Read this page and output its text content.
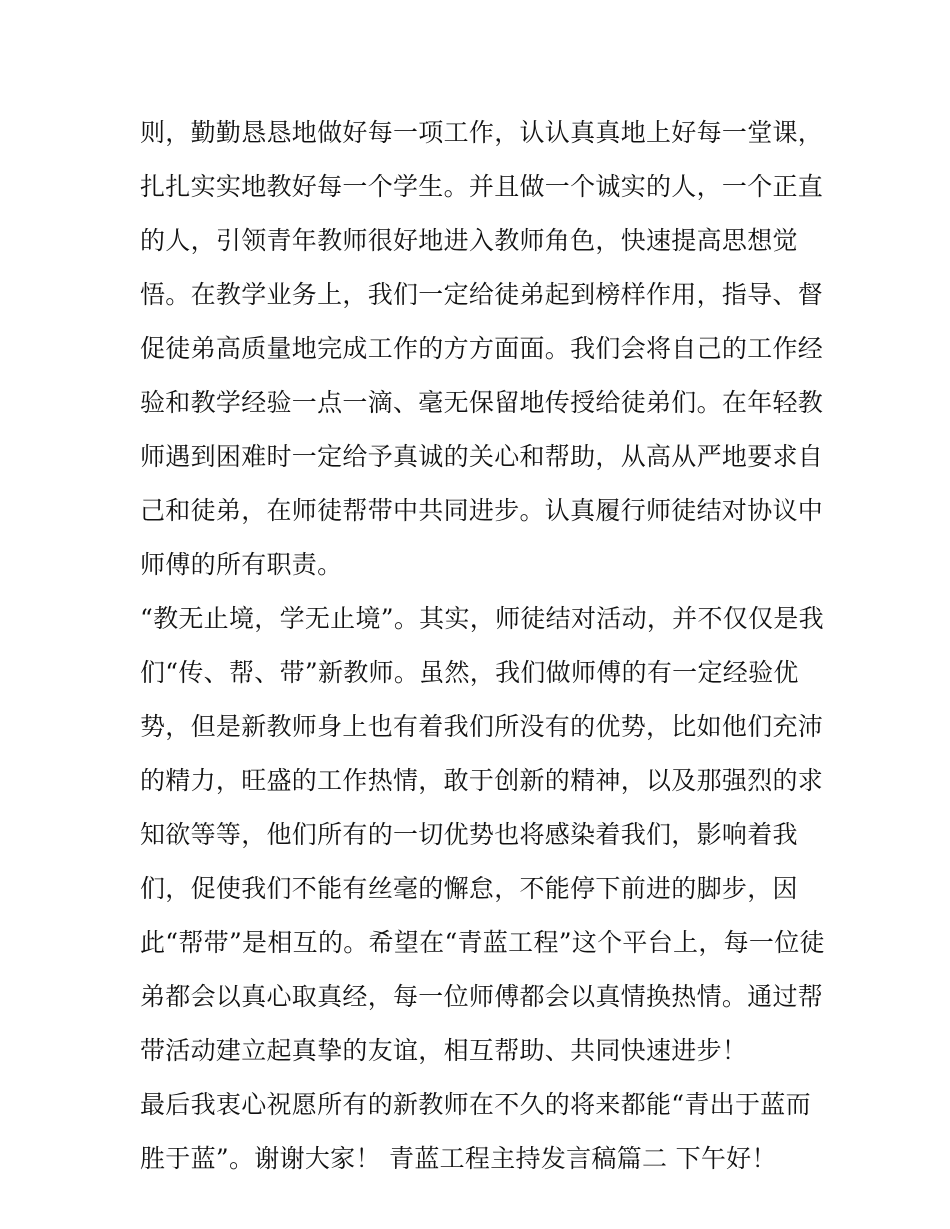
则，勤勤恳恳地做好每一项工作，认认真真地上好每一堂课，
扎扎实实地教好每一个学生。并且做一个诚实的人，一个正直
的人，引领青年教师很好地进入教师角色，快速提高思想觉
悟。在教学业务上，我们一定给徒弟起到榜样作用，指导、督
促徒弟高质量地完成工作的方方面面。我们会将自己的工作经
验和教学经验一点一滴、毫无保留地传授给徒弟们。在年轻教
师遇到困难时一定给予真诚的关心和帮助，从高从严地要求自
己和徒弟，在师徒帮带中共同进步。认真履行师徒结对协议中
师傅的所有职责。
“教无止境，学无止境”。其实，师徒结对活动，并不仅仅是我
们“传、帮、带”新教师。虽然，我们做师傅的有一定经验优
势，但是新教师身上也有着我们所没有的优势，比如他们充沛
的精力，旺盛的工作热情，敢于创新的精神，以及那强烈的求
知欲等等，他们所有的一切优势也将感染着我们，影响着我
们，促使我们不能有丝毫的懈怠，不能停下前进的脚步，因
此“帮带”是相互的。希望在“青蓝工程”这个平台上，每一位徒
弟都会以真心取真经，每一位师傅都会以真情换热情。通过帮
带活动建立起真挚的友谊，相互帮助、共同快速进步！
最后我衷心祝愿所有的新教师在不久的将来都能“青出于蓝而
胜于蓝”。谢谢大家！ 青蓝工程主持发言稿篇二 下午好！
